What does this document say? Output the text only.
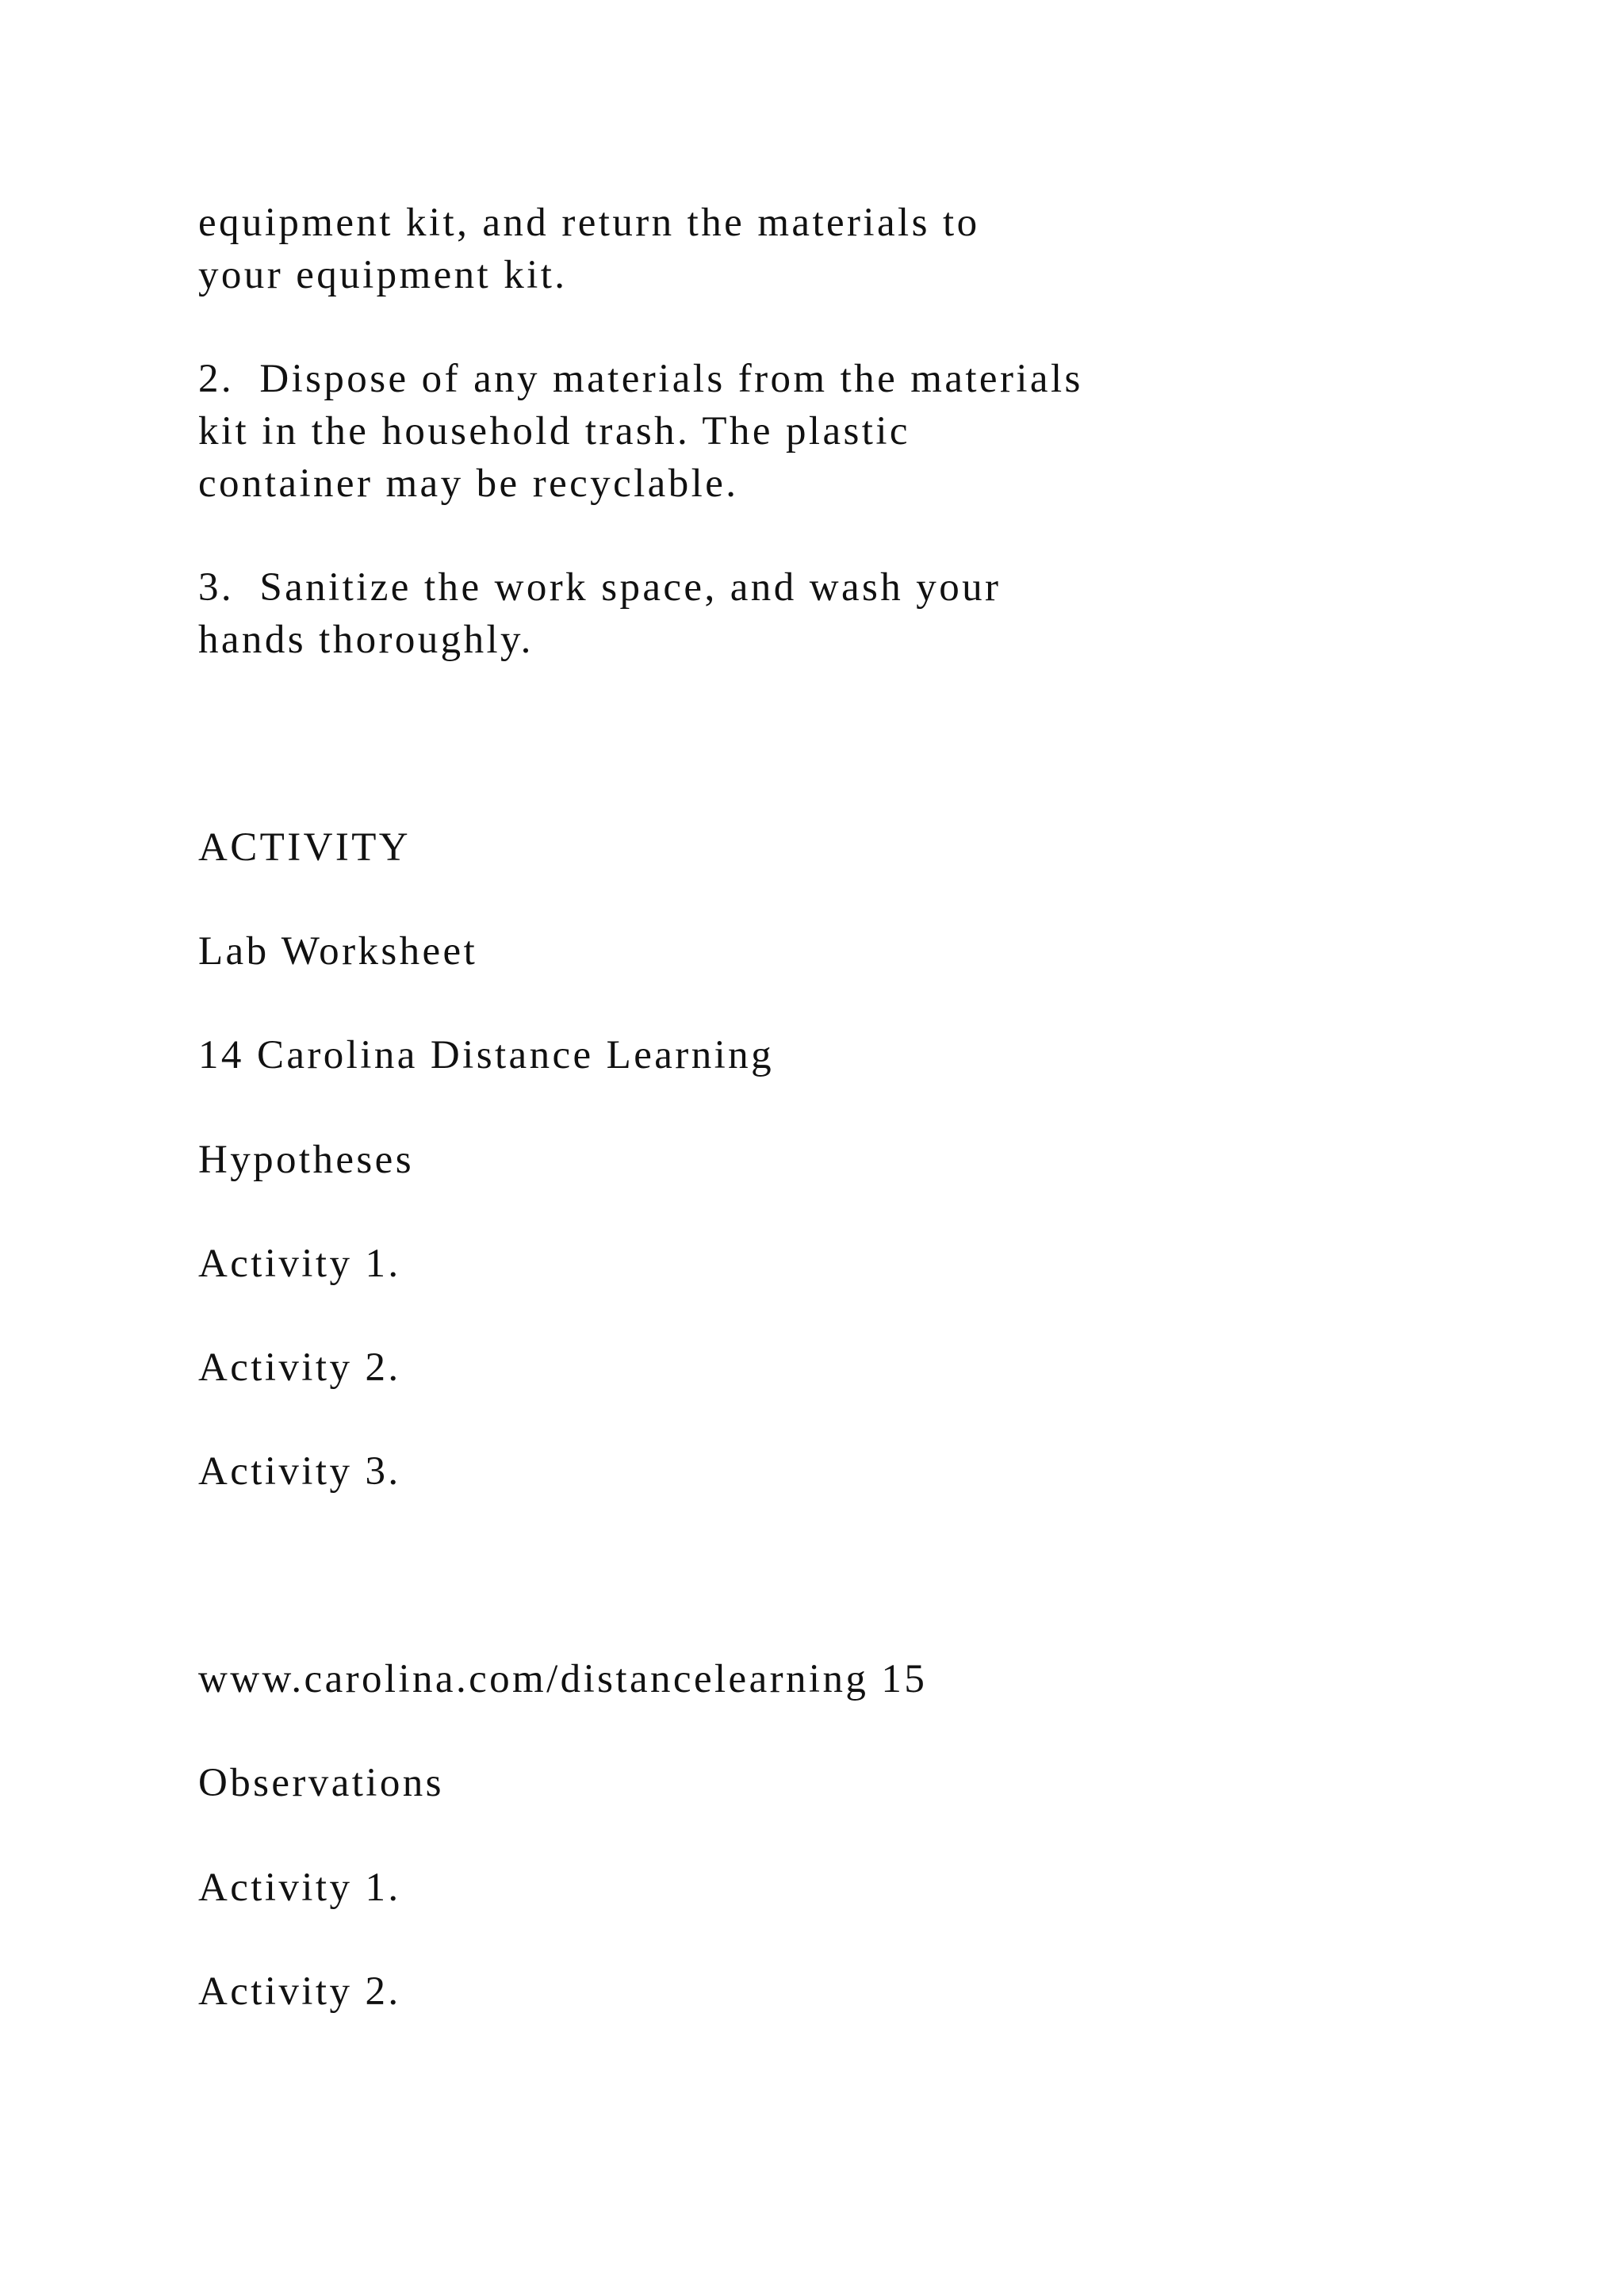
equipment kit, and return the materials to

your equipment kit.

2.  Dispose of any materials from the materials

kit in the household trash. The plastic

container may be recyclable.

3.  Sanitize the work space, and wash your

hands thoroughly.

ACTIVITY

Lab Worksheet

14 Carolina Distance Learning

Hypotheses

Activity 1.

Activity 2.

Activity 3.

www.carolina.com/distancelearning 15

Observations

Activity 1.

Activity 2.
